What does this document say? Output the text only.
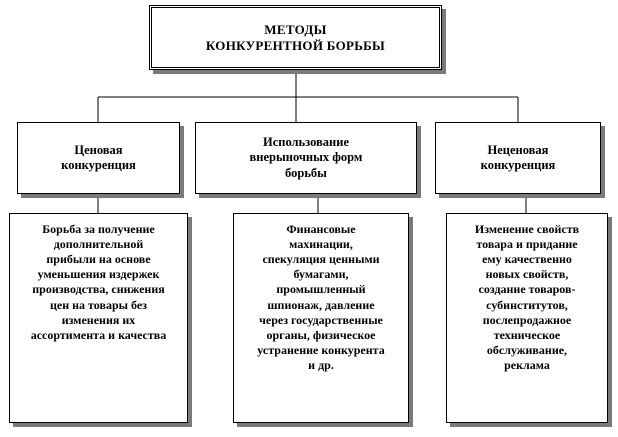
МЕТОДЫ
КОНКУРЕНТНОЙ БОРЬБЫ
Ценовая
конкуренция
Использование
внерыночных форм
борьбы
Неценовая
конкуренция
Борьба за получение
дополнительной
прибыли на основе
уменьшения издержек
производства, снижения
цен на товары без
изменения их
ассортимента и качества
Финансовые
махинации,
спекуляция ценными
бумагами,
промышленный
шпионаж, давление
через государственные
органы, физическое
устранение конкурента
и др.
Изменение свойств
товара и придание
ему качественно
новых свойств,
создание товаров-
субинститутов,
послепродажное
техническое
обслуживание,
реклама
